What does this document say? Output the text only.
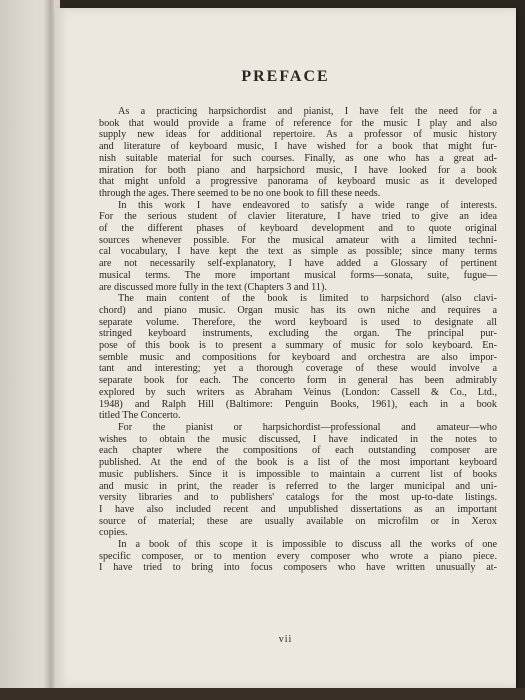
PREFACE
As a practicing harpsichordist and pianist, I have felt the need for a
book that would provide a frame of reference for the music I play and also
supply new ideas for additional repertoire. As a professor of music history
and literature of keyboard music, I have wished for a book that might fur-
nish suitable material for such courses. Finally, as one who has a great ad-
miration for both piano and harpsichord music, I have looked for a book
that might unfold a progressive panorama of keyboard music as it developed
through the ages. There seemed to be no one book to fill these needs.
In this work I have endeavored to satisfy a wide range of interests.
For the serious student of clavier literature, I have tried to give an idea
of the different phases of keyboard development and to quote original
sources whenever possible. For the musical amateur with a limited techni-
cal vocabulary, I have kept the text as simple as possible; since many terms
are not necessarily self-explanatory, I have added a Glossary of pertinent
musical terms. The more important musical forms—sonata, suite, fugue—
are discussed more fully in the text (Chapters 3 and 11).
The main content of the book is limited to harpsichord (also clavi-
chord) and piano music. Organ music has its own niche and requires a
separate volume. Therefore, the word keyboard is used to designate all
stringed keyboard instruments, excluding the organ. The principal pur-
pose of this book is to present a summary of music for solo keyboard. En-
semble music and compositions for keyboard and orchestra are also impor-
tant and interesting; yet a thorough coverage of these would involve a
separate book for each. The concerto form in general has been admirably
explored by such writers as Abraham Veinus (London: Cassell & Co., Ltd.,
1948) and Ralph Hill (Baltimore: Penguin Books, 1961), each in a book
titled The Concerto.
For the pianist or harpsichordist—professional and amateur—who
wishes to obtain the music discussed, I have indicated in the notes to
each chapter where the compositions of each outstanding composer are
published. At the end of the book is a list of the most important keyboard
music publishers. Since it is impossible to maintain a current list of books
and music in print, the reader is referred to the larger municipal and uni-
versity libraries and to publishers' catalogs for the most up-to-date listings.
I have also included recent and unpublished dissertations as an important
source of material; these are usually available on microfilm or in Xerox
copies.
In a book of this scope it is impossible to discuss all the works of one
specific composer, or to mention every composer who wrote a piano piece.
I have tried to bring into focus composers who have written unusually at-
vii
